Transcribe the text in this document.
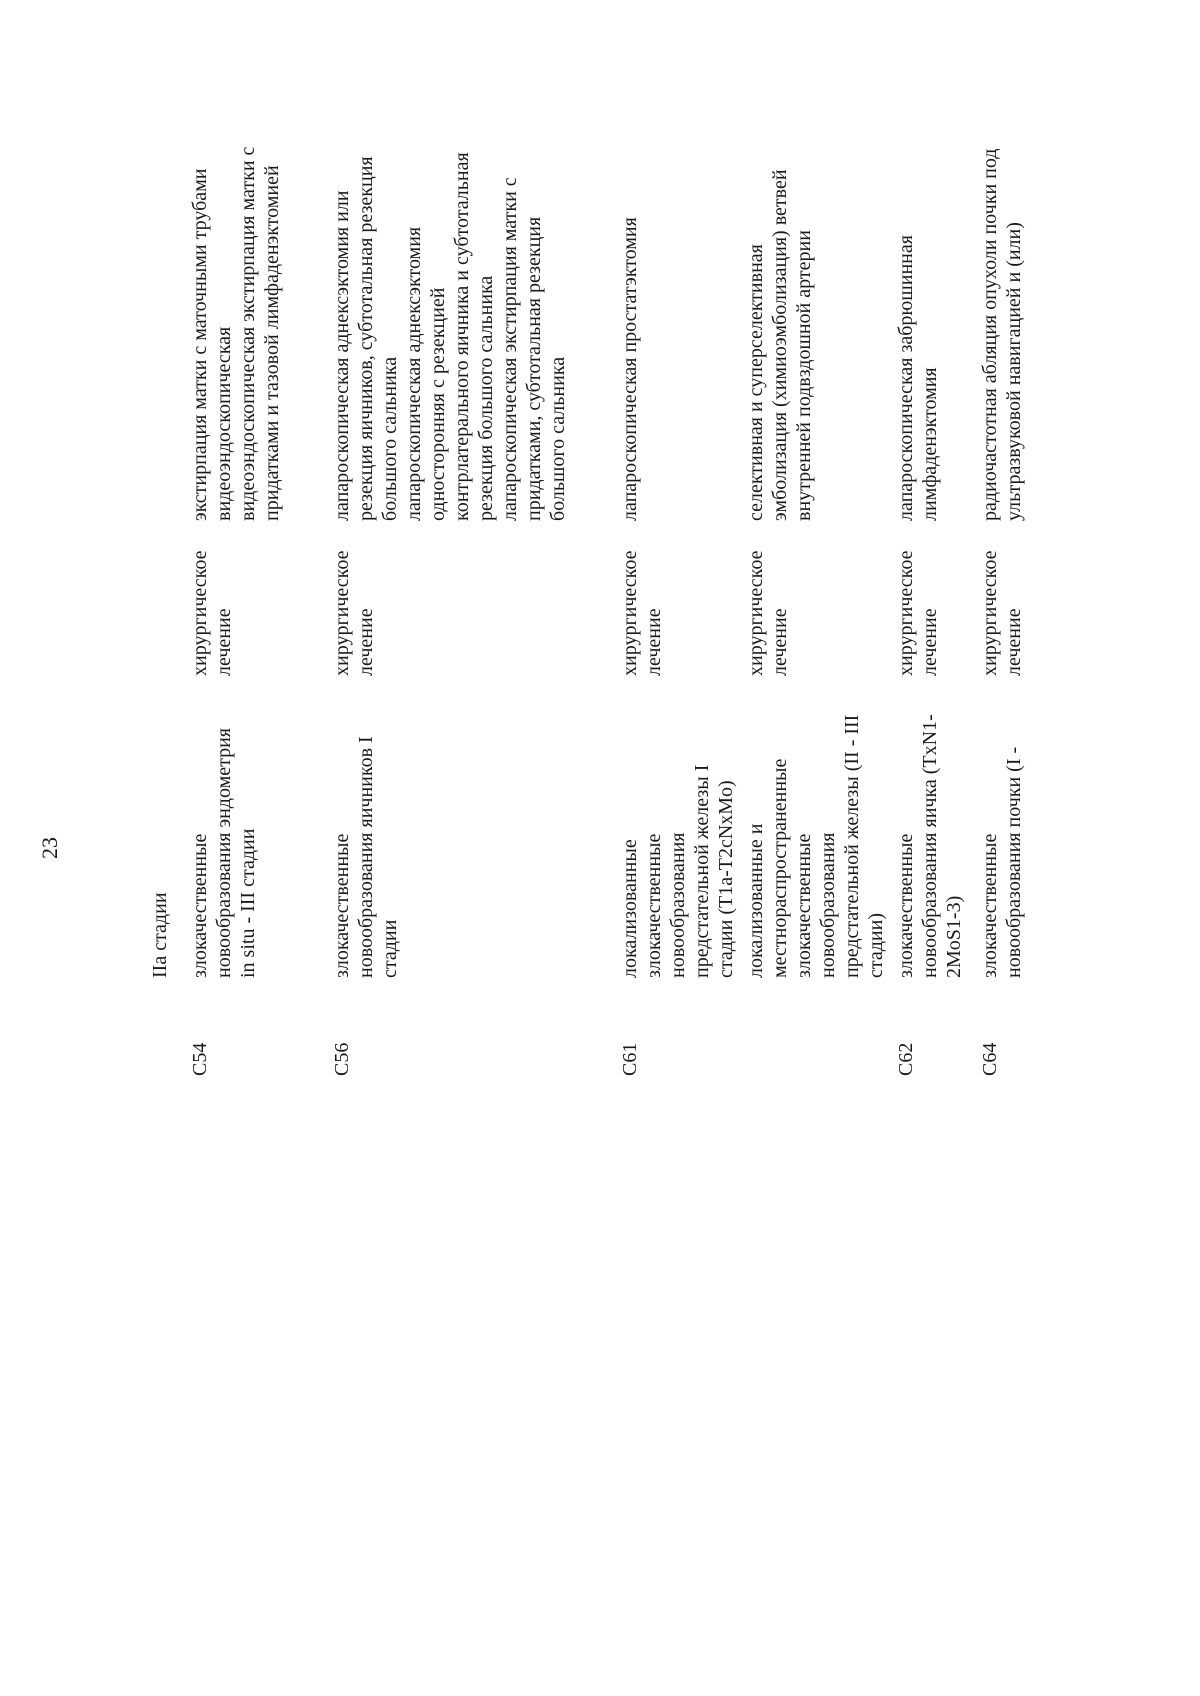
23
IIa стадии
C54
злокачественные новообразования эндометрия in situ - III стадии
хирургическое лечение

экстирпация матки с маточными трубами видеоэндоскопическая видеоэндоскопическая экстирпация матки с придатками и тазовой лимфаденэктомией

C56
злокачественные новообразования яичников I стадии
хирургическое лечение

лапароскопическая аднексэктомия или резекция яичников, субтотальная резекция большого сальника лапароскопическая аднексэктомия односторонняя с резекцией контрлатерального яичника и субтотальная резекция большого сальника лапароскопическая экстирпация матки с придатками, субтотальная резекция большого сальника

C61
локализованные злокачественные новообразования предстательной железы I стадии (T1a-T2cNxMo)
хирургическое лечение

лапароскопическая простатэктомия

локализованные и местнораспространенные злокачественные новообразования предстательной железы (II - III стадии)
хирургическое лечение

селективная и суперселективная эмболизация (химиоэмболизация) ветвей внутренней подвздошной артерии

C62
злокачественные новообразования яичка (TxN1-2MoS1-3)
хирургическое лечение

лапароскопическая забрюшинная лимфаденэктомия

C64
злокачественные новообразования почки (I -
хирургическое лечение

радиочастотная абляция опухоли почки под ультразвуковой навигацией и (или)
